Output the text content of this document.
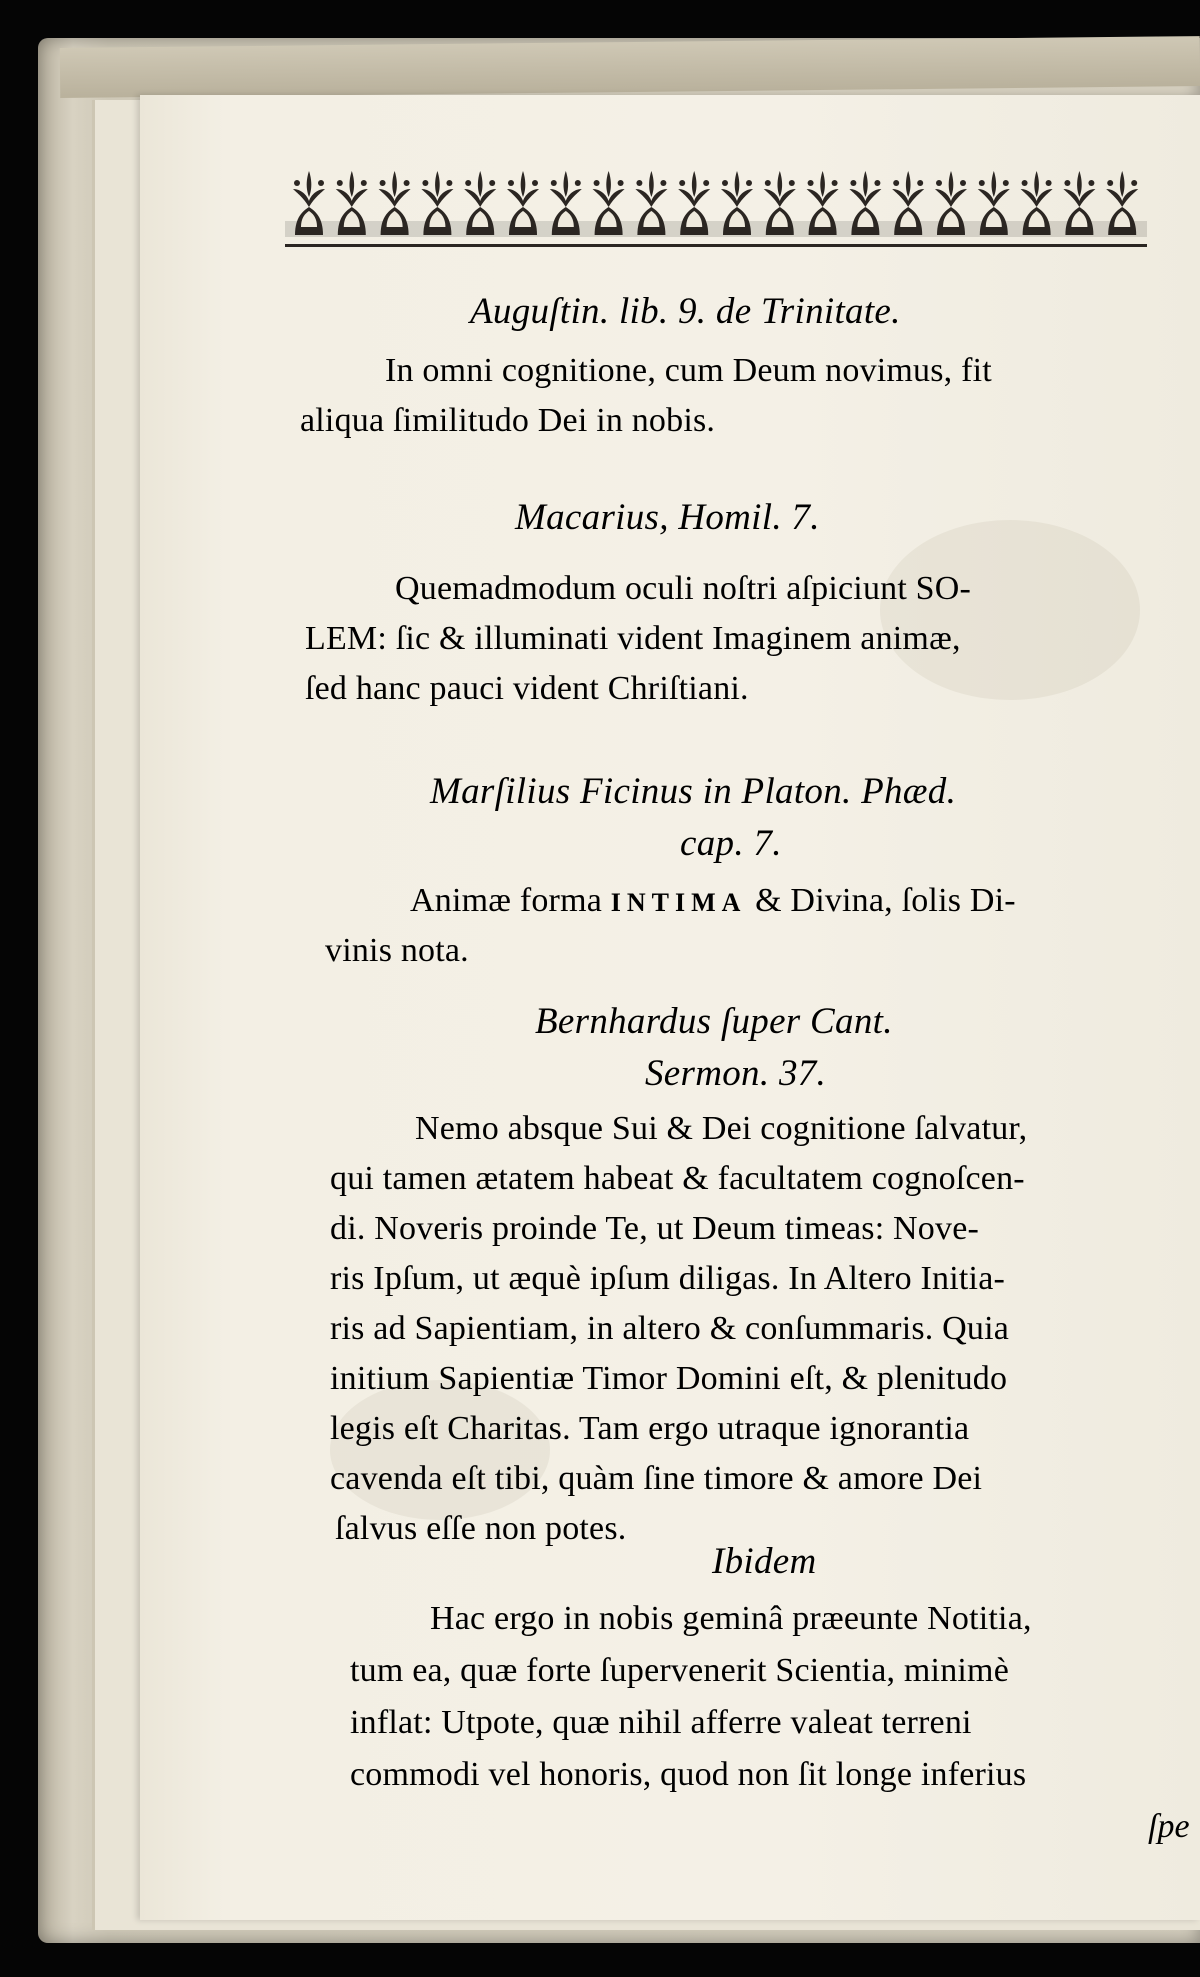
Auguſtin. lib. 9. de Trinitate.
In omni cognitione, cum Deum novimus, fit
aliqua ſimilitudo Dei in nobis.
Macarius, Homil. 7.
Quemadmodum oculi noſtri aſpiciunt SO-
LEM: ſic & illuminati vident Imaginem animæ,
ſed hanc pauci vident Chriſtiani.
Marſilius Ficinus in Platon. Phæd.
cap. 7.
Animæ forma INTIMA & Divina, ſolis Di-
vinis nota.
Bernhardus ſuper Cant.
Sermon. 37.
Nemo absque Sui & Dei cognitione ſalvatur,
qui tamen ætatem habeat & facultatem cognoſcen-
di. Noveris proinde Te, ut Deum timeas: Nove-
ris Ipſum, ut æquè ipſum diligas. In Altero Initia-
ris ad Sapientiam, in altero & conſummaris. Quia
initium Sapientiæ Timor Domini eſt, & plenitudo
legis eſt Charitas. Tam ergo utraque ignorantia
cavenda eſt tibi, quàm ſine timore & amore Dei
ſalvus eſſe non potes.
Ibidem
Hac ergo in nobis geminâ præeunte Notitia,
tum ea, quæ forte ſupervenerit Scientia, minimè
inflat: Utpote, quæ nihil afferre valeat terreni
commodi vel honoris, quod non ſit longe inferius
ſpe
